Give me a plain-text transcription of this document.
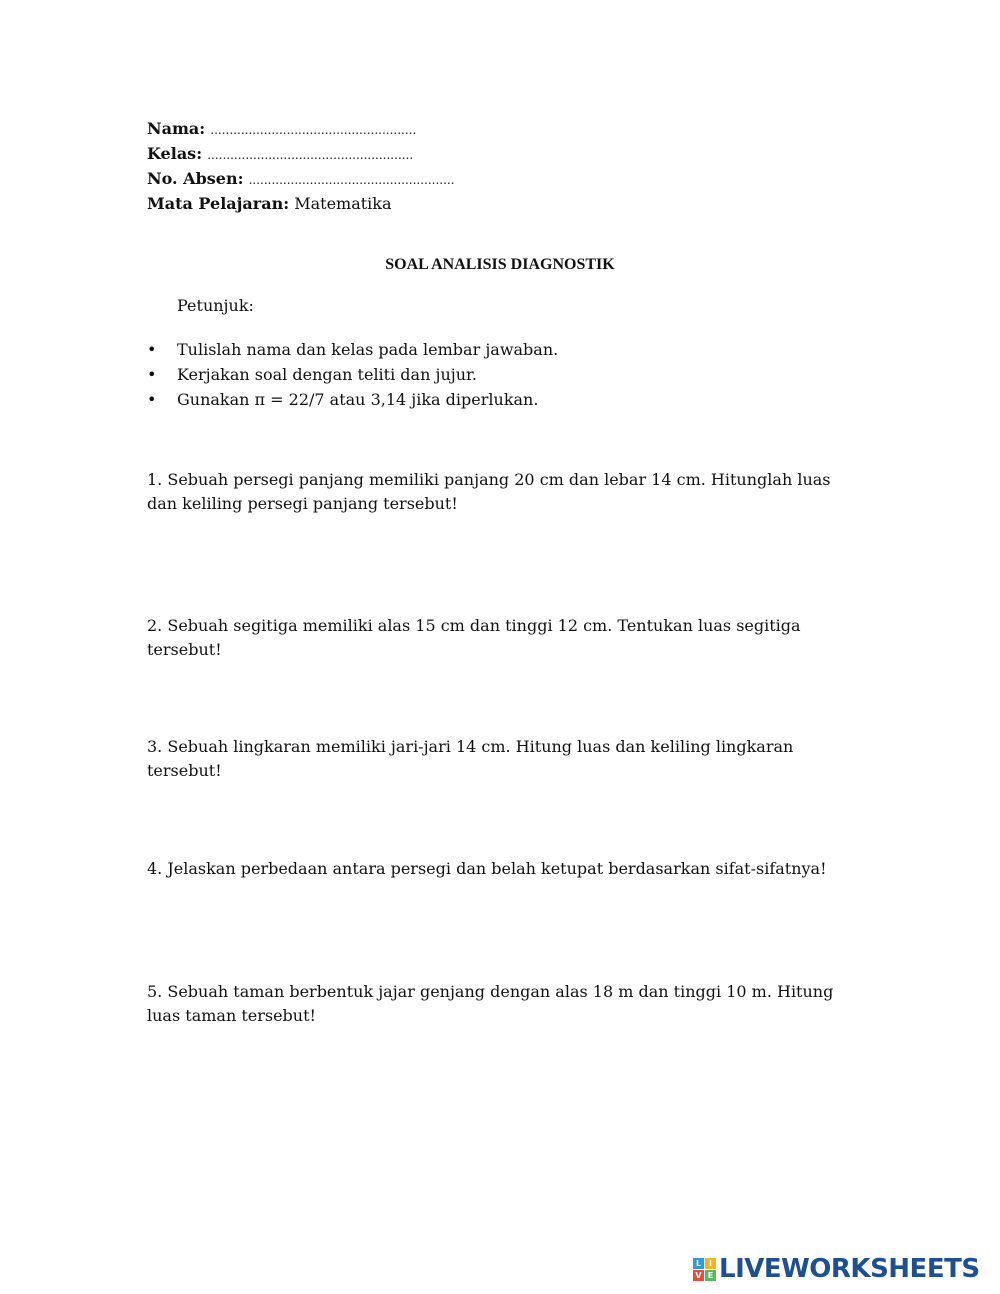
Nama: ......................................................
Kelas: ......................................................
No. Absen: ......................................................
Mata Pelajaran: Matematika
SOAL ANALISIS DIAGNOSTIK
Petunjuk:
• Tulislah nama dan kelas pada lembar jawaban.
• Kerjakan soal dengan teliti dan jujur.
• Gunakan π = 22/7 atau 3,14 jika diperlukan.
1. Sebuah persegi panjang memiliki panjang 20 cm dan lebar 14 cm. Hitunglah luas dan keliling persegi panjang tersebut!
2. Sebuah segitiga memiliki alas 15 cm dan tinggi 12 cm. Tentukan luas segitiga tersebut!
3. Sebuah lingkaran memiliki jari-jari 14 cm. Hitung luas dan keliling lingkaran tersebut!
4. Jelaskan perbedaan antara persegi dan belah ketupat berdasarkan sifat-sifatnya!
5. Sebuah taman berbentuk jajar genjang dengan alas 18 m dan tinggi 10 m. Hitung luas taman tersebut!
L I
V E LIVEWORKSHEETS
